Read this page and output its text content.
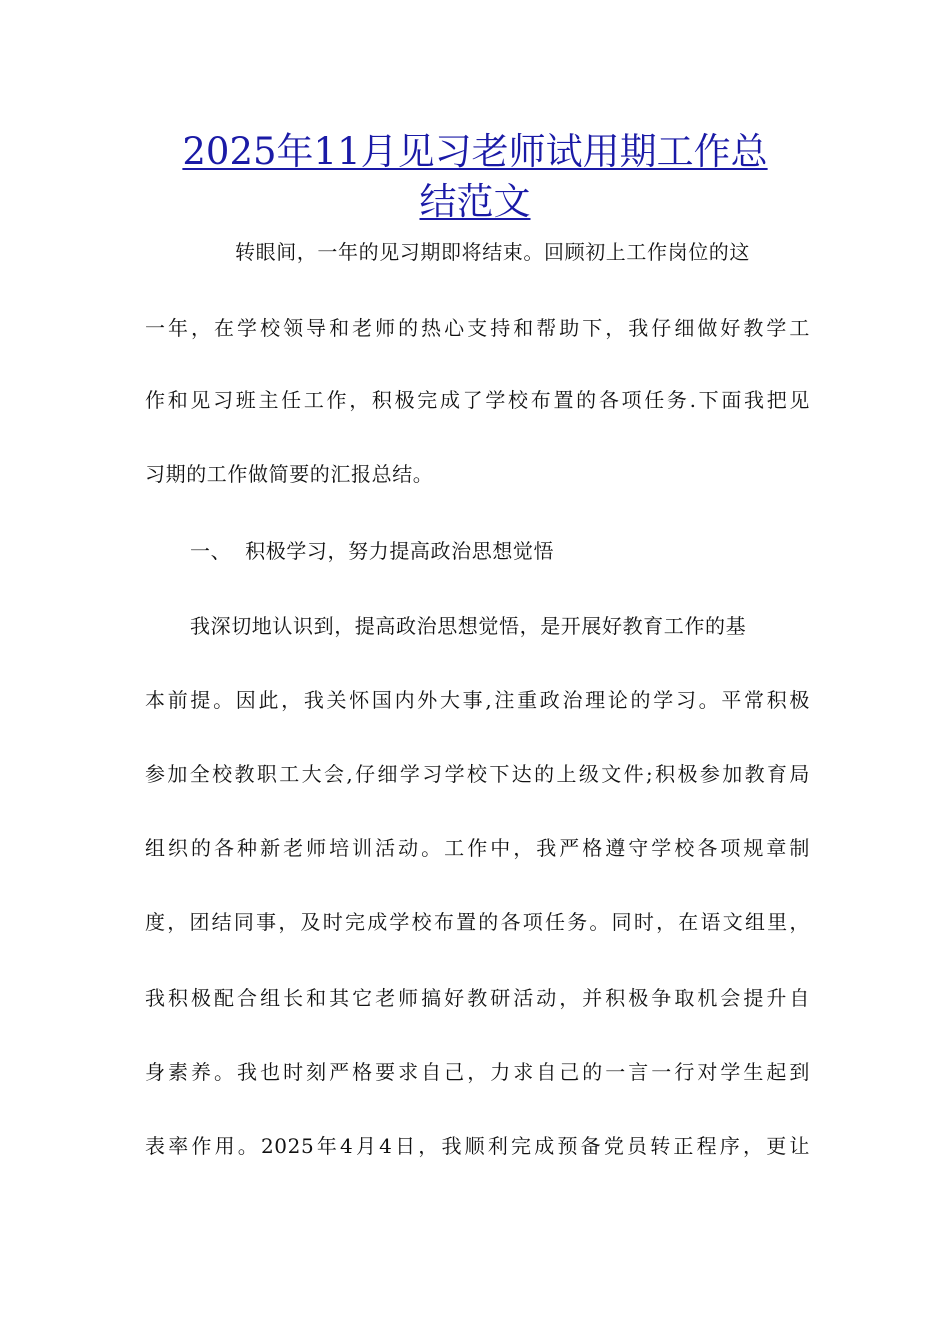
2025年11月见习老师试用期工作总
结范文
转眼间，一年的见习期即将结束。回顾初上工作岗位的这
一年，在学校领导和老师的热心支持和帮助下，我仔细做好教学工
作和见习班主任工作，积极完成了学校布置的各项任务.下面我把见
习期的工作做简要的汇报总结。
一、  积极学习，努力提高政治思想觉悟
我深切地认识到，提高政治思想觉悟，是开展好教育工作的基
本前提。因此，我关怀国内外大事,注重政治理论的学习。平常积极
参加全校教职工大会,仔细学习学校下达的上级文件;积极参加教育局
组织的各种新老师培训活动。工作中，我严格遵守学校各项规章制
度，团结同事，及时完成学校布置的各项任务。同时，在语文组里，
我积极配合组长和其它老师搞好教研活动，并积极争取机会提升自
身素养。我也时刻严格要求自己，力求自己的一言一行对学生起到
表率作用。2025年4月4日，我顺利完成预备党员转正程序，更让
